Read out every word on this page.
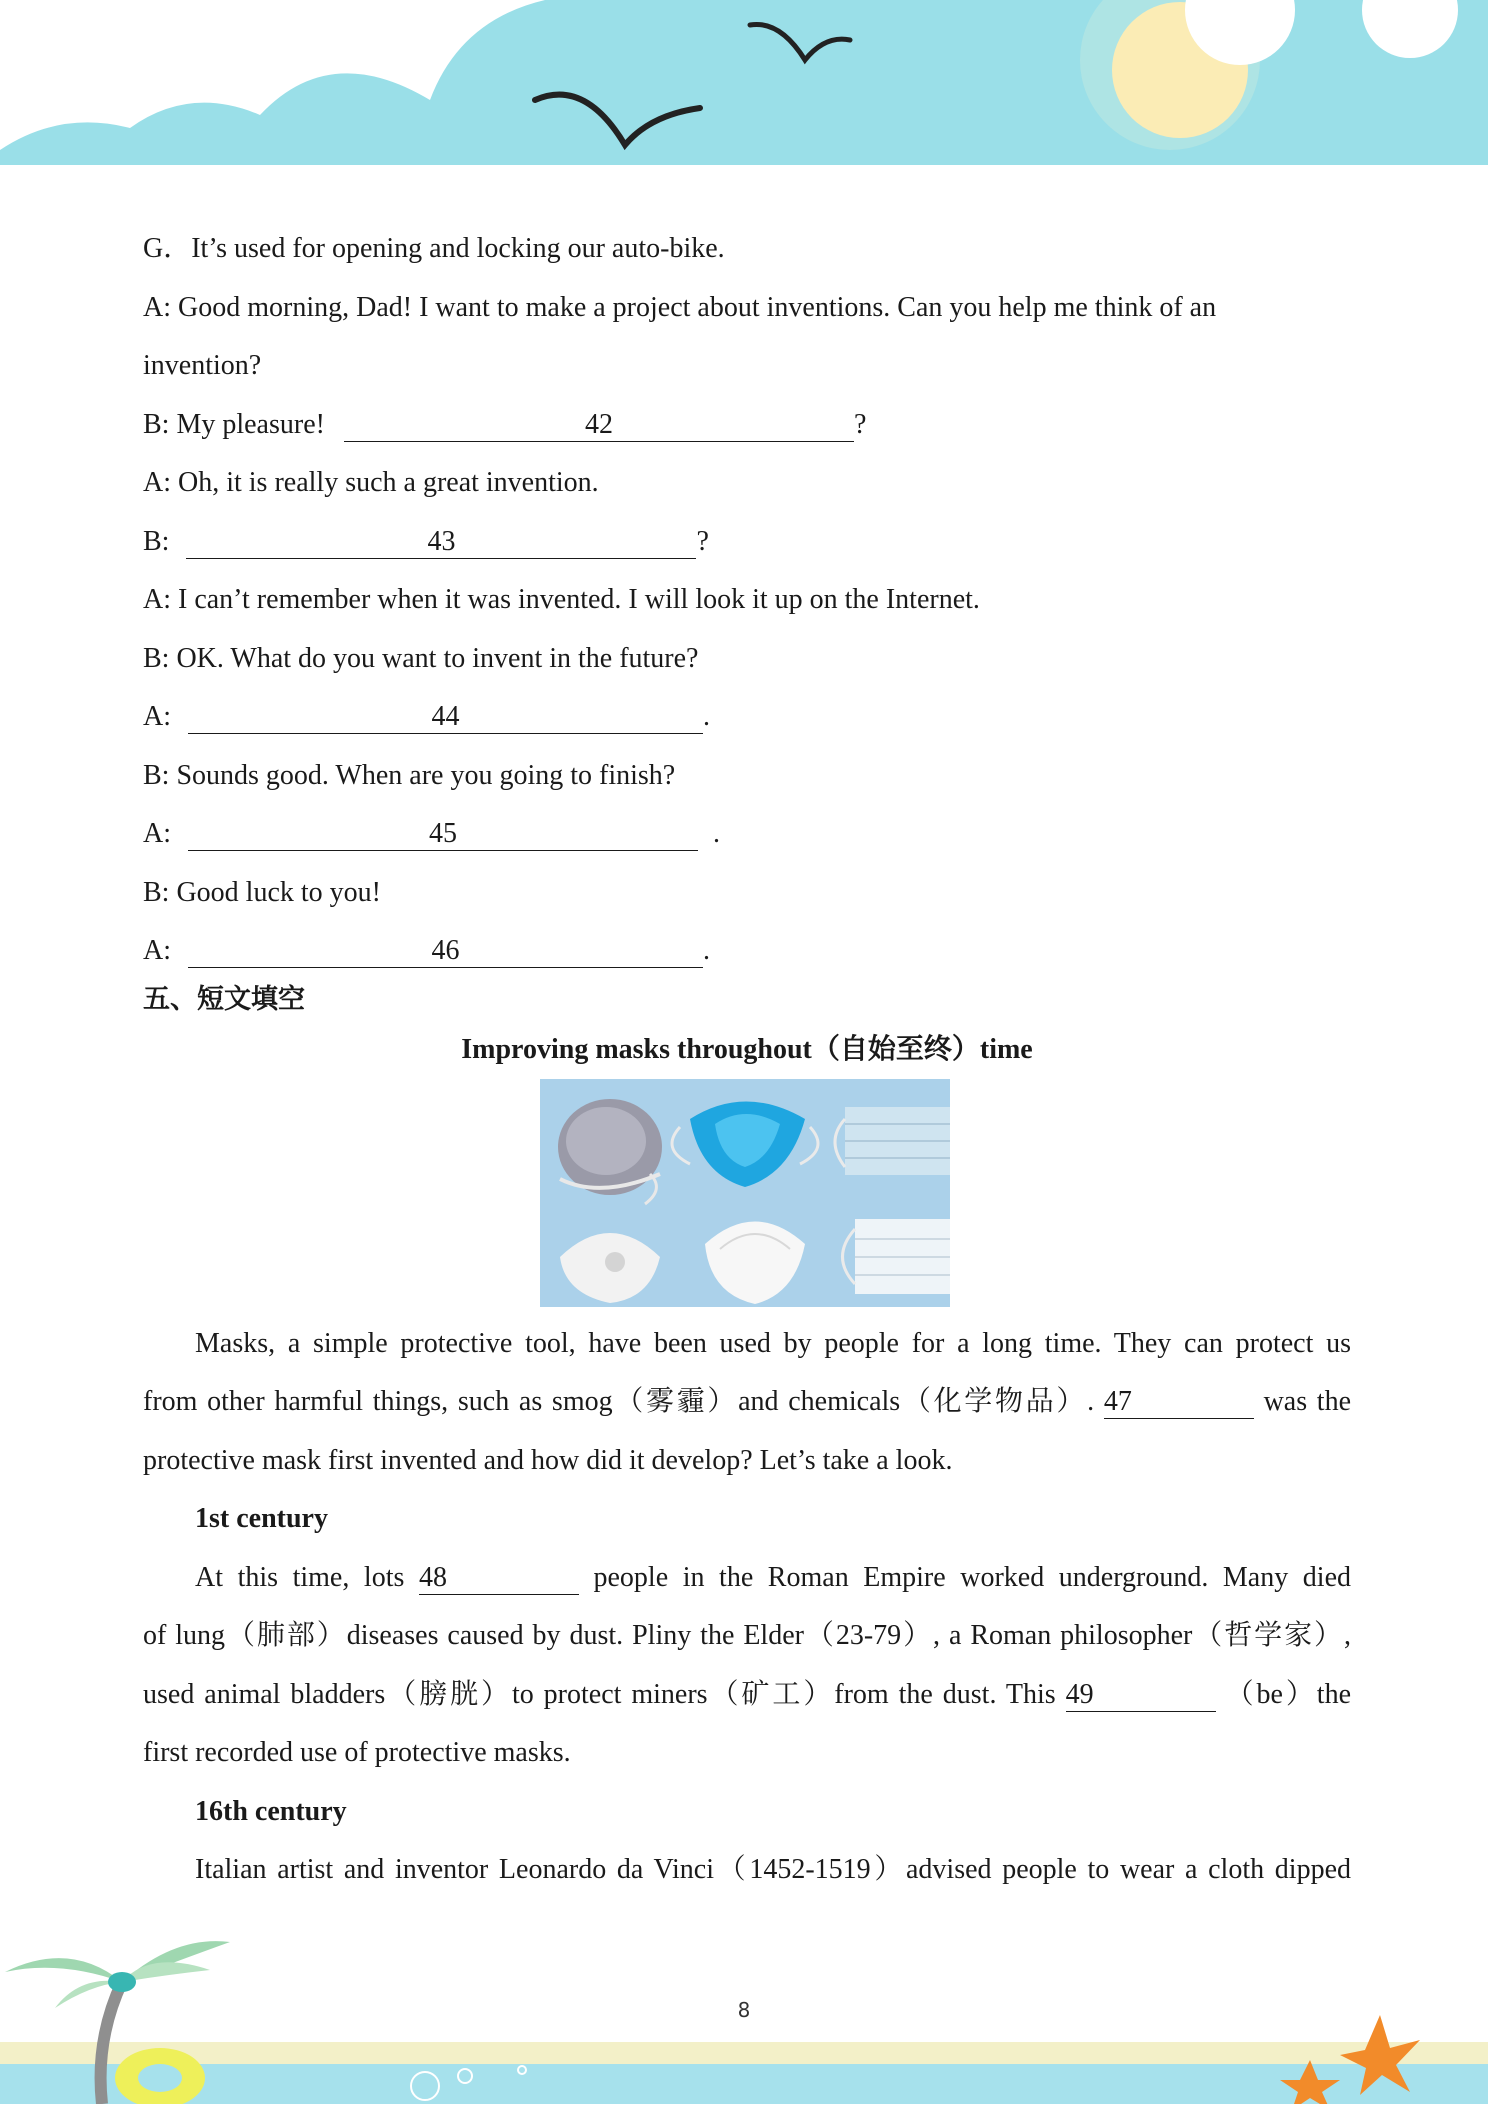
G．It’s used for opening and locking our auto-bike.
A: Good morning, Dad! I want to make a project about inventions. Can you help me think of an
invention?
B: My pleasure!	42	?
A: Oh, it is really such a great invention.
B:	43	?
A: I can’t remember when it was invented. I will look it up on the Internet.
B: OK. What do you want to invent in the future?
A:	44	.
B: Sounds good. When are you going to finish?
A:	45	.
B: Good luck to you!
A:	46	.
五、短文填空
Improving masks throughout（自始至终）time
Masks, a simple protective tool, have been used by people for a long time. They can protect us
from other harmful things, such as smog（雾霾）and chemicals（化学物品）. 47	was the
protective mask first invented and how did it develop? Let’s take a look.
1st century
At this time, lots 48	people in the Roman Empire worked underground. Many died
of lung（肺部）diseases caused by dust. Pliny the Elder（23-79）, a Roman philosopher（哲学家）,
used animal bladders（膀胱）to protect miners（矿工）from the dust. This 49	（be）the
first recorded use of protective masks.
16th century
Italian artist and inventor Leonardo da Vinci（1452-1519）advised people to wear a cloth dipped
8
